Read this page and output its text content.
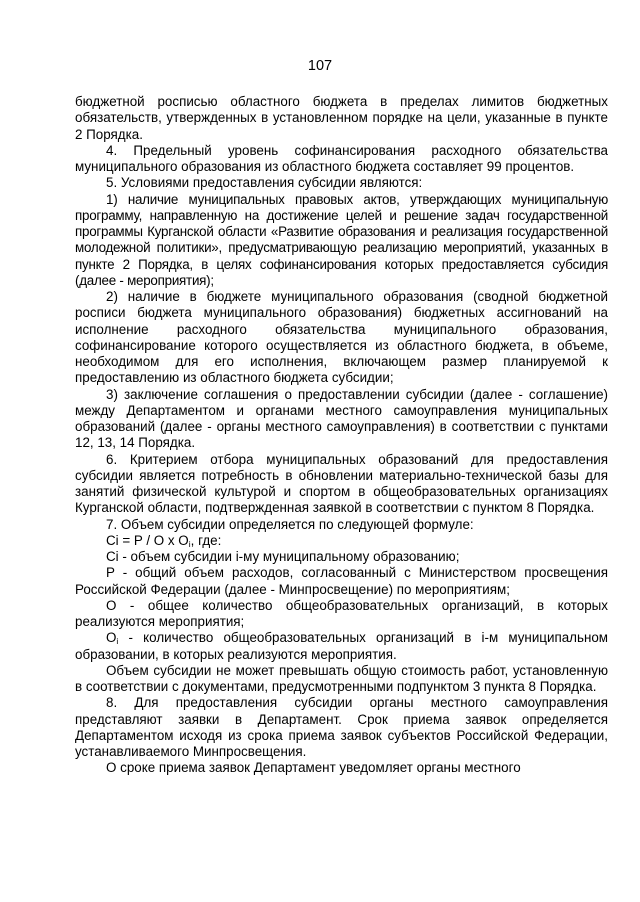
107

бюджетной росписью областного бюджета в пределах лимитов бюджетных обязательств, утвержденных в установленном порядке на цели, указанные в пункте 2 Порядка.

4. Предельный уровень софинансирования расходного обязательства муниципального образования из областного бюджета составляет 99 процентов.

5. Условиями предоставления субсидии являются:

1) наличие муниципальных правовых актов, утверждающих муниципальную программу, направленную на достижение целей и решение задач государственной программы Курганской области «Развитие образования и реализация государственной молодежной политики», предусматривающую реализацию мероприятий, указанных в пункте 2 Порядка, в целях софинансирования которых предоставляется субсидия (далее - мероприятия);

2) наличие в бюджете муниципального образования (сводной бюджетной росписи бюджета муниципального образования) бюджетных ассигнований на исполнение расходного обязательства муниципального образования, софинансирование которого осуществляется из областного бюджета, в объеме, необходимом для его исполнения, включающем размер планируемой к предоставлению из областного бюджета субсидии;

3) заключение соглашения о предоставлении субсидии (далее - соглашение) между Департаментом и органами местного самоуправления муниципальных образований (далее - органы местного самоуправления) в соответствии с пунктами 12, 13, 14 Порядка.

6. Критерием отбора муниципальных образований для предоставления субсидии является потребность в обновлении материально-технической базы для занятий физической культурой и спортом в общеобразовательных организациях Курганской области, подтвержденная заявкой в соответствии с пунктом 8 Порядка.

7. Объем субсидии определяется по следующей формуле:

Ci = P / O x $O_i$, где:

Ci - объем субсидии i-му муниципальному образованию;

P - общий объем расходов, согласованный с Министерством просвещения Российской Федерации (далее - Минпросвещение) по мероприятиям;

O - общее количество общеобразовательных организаций, в которых реализуются мероприятия;

$O_i$ - количество общеобразовательных организаций в i-м муниципальном образовании, в которых реализуются мероприятия.

Объем субсидии не может превышать общую стоимость работ, установленную в соответствии с документами, предусмотренными подпунктом 3 пункта 8 Порядка.

8. Для предоставления субсидии органы местного самоуправления представляют заявки в Департамент. Срок приема заявок определяется Департаментом исходя из срока приема заявок субъектов Российской Федерации, устанавливаемого Минпросвещения.

О сроке приема заявок Департамент уведомляет органы местного
